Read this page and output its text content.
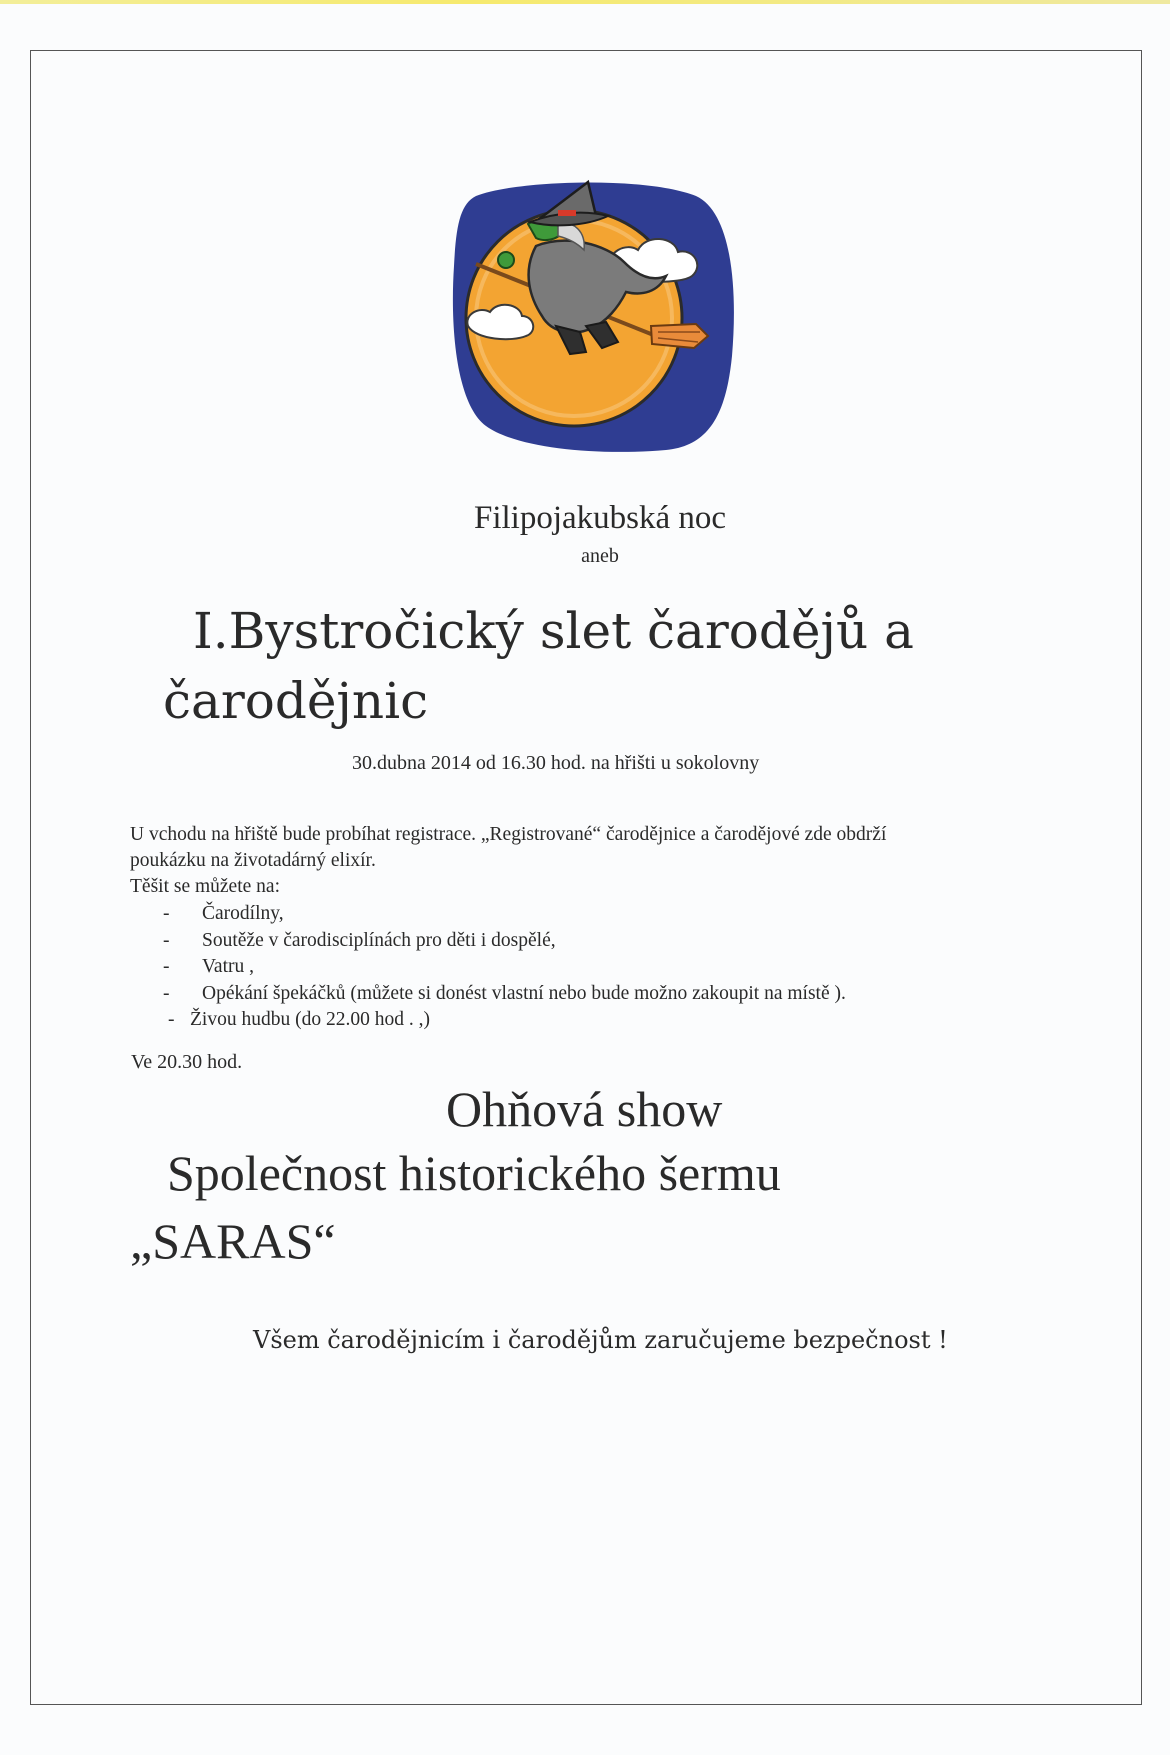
Filipojakubská noc
aneb
I.Bystročický slet čarodějů a
čarodějnic
30.dubna 2014 od 16.30 hod. na hřišti u sokolovny

U vchodu na hřiště bude probíhat registrace. „Registrované“ čarodějnice a čarodějové zde obdrží

poukázku na životadárný elixír.

Těšit se můžete na:

- Čarodílny,
- Soutěže v čarodisciplínách pro děti i dospělé,
- Vatru ,
- Opékání špekáčků (můžete si donést vlastní nebo bude možno zakoupit na místě ).
- Živou hudbu (do 22.00 hod . ,)
Ve 20.30 hod.
Ohňová show
Společnost historického šermu
„SARAS“
Všem čarodějnicím i čarodějům zaručujeme bezpečnost !
